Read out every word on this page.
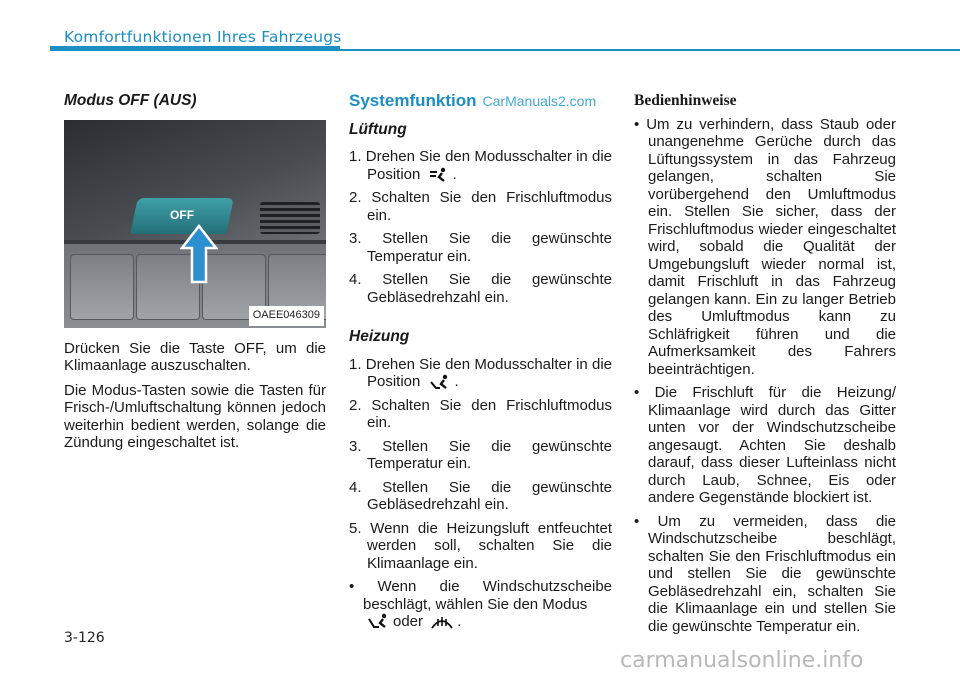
Komfortfunktionen Ihres Fahrzeugs
Modus OFF (AUS)
OFF
OAEE046309

Drücken Sie die Taste OFF, um die Klimaanlage auszuschalten.

Die Modus-Tasten sowie die Tasten für Frisch-/Umluftschaltung können jedoch weiterhin bedient werden, solange die Zündung eingeschaltet ist.

Systemfunktion CarManuals2.com
Lüftung
1. Drehen Sie den Modusschalter in die Position .
2. Schalten Sie den Frischluftmodus ein.
3. Stellen Sie die gewünschte Temperatur ein.
4. Stellen Sie die gewünschte Gebläsedrehzahl ein.
Heizung
1. Drehen Sie den Modusschalter in die Position .
2. Schalten Sie den Frischluftmodus ein.
3. Stellen Sie die gewünschte Temperatur ein.
4. Stellen Sie die gewünschte Gebläsedrehzahl ein.
5. Wenn die Heizungsluft entfeuchtet werden soll, schalten Sie die Klimaanlage ein.
• Wenn die Windschutzscheibe beschlägt, wählen Sie den Modus
oder .
Bedienhinweise
• Um zu verhindern, dass Staub oder unangenehme Gerüche durch das Lüftungssystem in das Fahrzeug gelangen, schalten Sie vorübergehend den Umluftmodus ein. Stellen Sie sicher, dass der Frischluftmodus wieder eingeschaltet wird, sobald die Qualität der Umgebungsluft wieder normal ist, damit Frischluft in das Fahrzeug gelangen kann. Ein zu langer Betrieb des Umluftmodus kann zu Schläfrigkeit führen und die Aufmerksamkeit des Fahrers beeinträchtigen.
• Die Frischluft für die Heizung/ Klimaanlage wird durch das Gitter unten vor der Windschutzscheibe angesaugt. Achten Sie deshalb darauf, dass dieser Lufteinlass nicht durch Laub, Schnee, Eis oder andere Gegenstände blockiert ist.
• Um zu vermeiden, dass die Windschutzscheibe beschlägt, schalten Sie den Frischluftmodus ein und stellen Sie die gewünschte Gebläsedrehzahl ein, schalten Sie die Klimaanlage ein und stellen Sie die gewünschte Temperatur ein.
3-126
carmanualsonline.info
